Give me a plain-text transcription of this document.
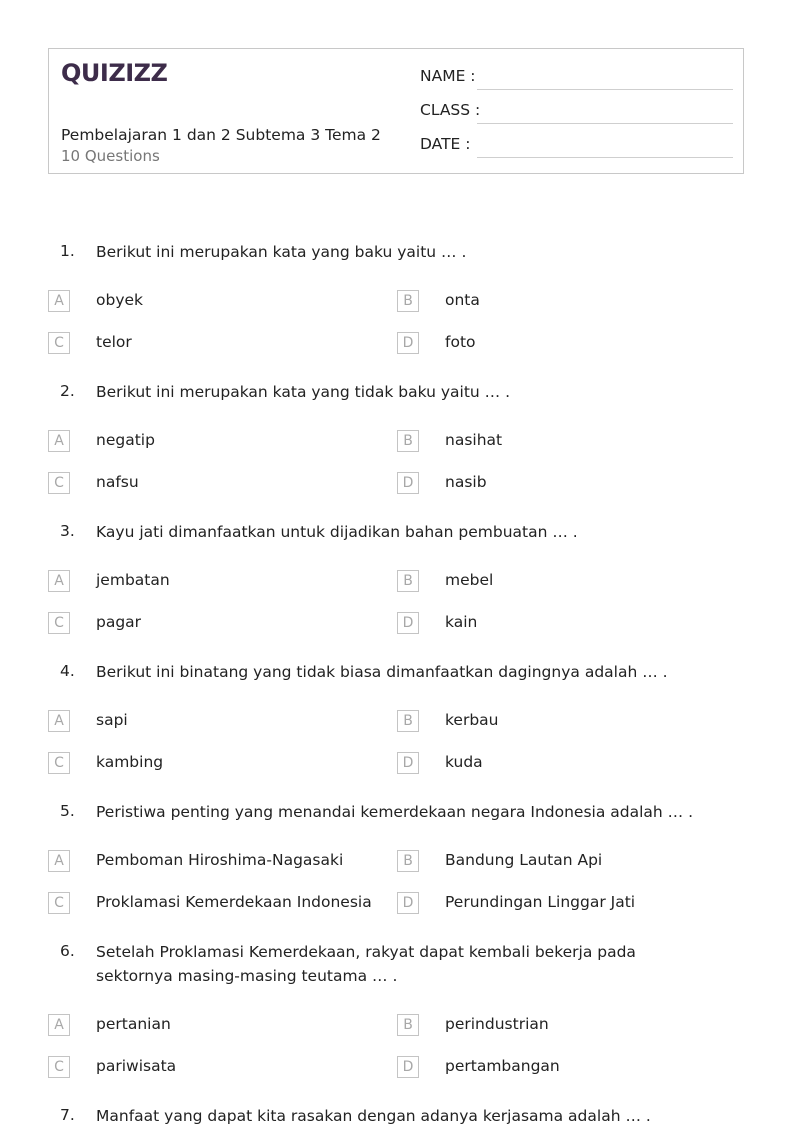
QUIZIZZ
Pembelajaran 1 dan 2 Subtema 3 Tema 2
10 Questions
NAME :
CLASS :
DATE :
1. Berikut ini merupakan kata yang baku yaitu … .
A	obyek	B	onta
C	telor	D	foto
2. Berikut ini merupakan kata yang tidak baku yaitu … .
A	negatip	B	nasihat
C	nafsu	D	nasib
3. Kayu jati dimanfaatkan untuk dijadikan bahan pembuatan … .
A	jembatan	B	mebel
C	pagar	D	kain
4. Berikut ini binatang yang tidak biasa dimanfaatkan dagingnya adalah … .
A	sapi	B	kerbau
C	kambing	D	kuda
5. Peristiwa penting yang menandai kemerdekaan negara Indonesia adalah … .
A	Pemboman Hiroshima-Nagasaki	B	Bandung Lautan Api
C	Proklamasi Kemerdekaan Indonesia	D	Perundingan Linggar Jati
6. Setelah Proklamasi Kemerdekaan, rakyat dapat kembali bekerja pada sektornya masing-masing teutama … .
A	pertanian	B	perindustrian
C	pariwisata	D	pertambangan
7. Manfaat yang dapat kita rasakan dengan adanya kerjasama adalah … .
